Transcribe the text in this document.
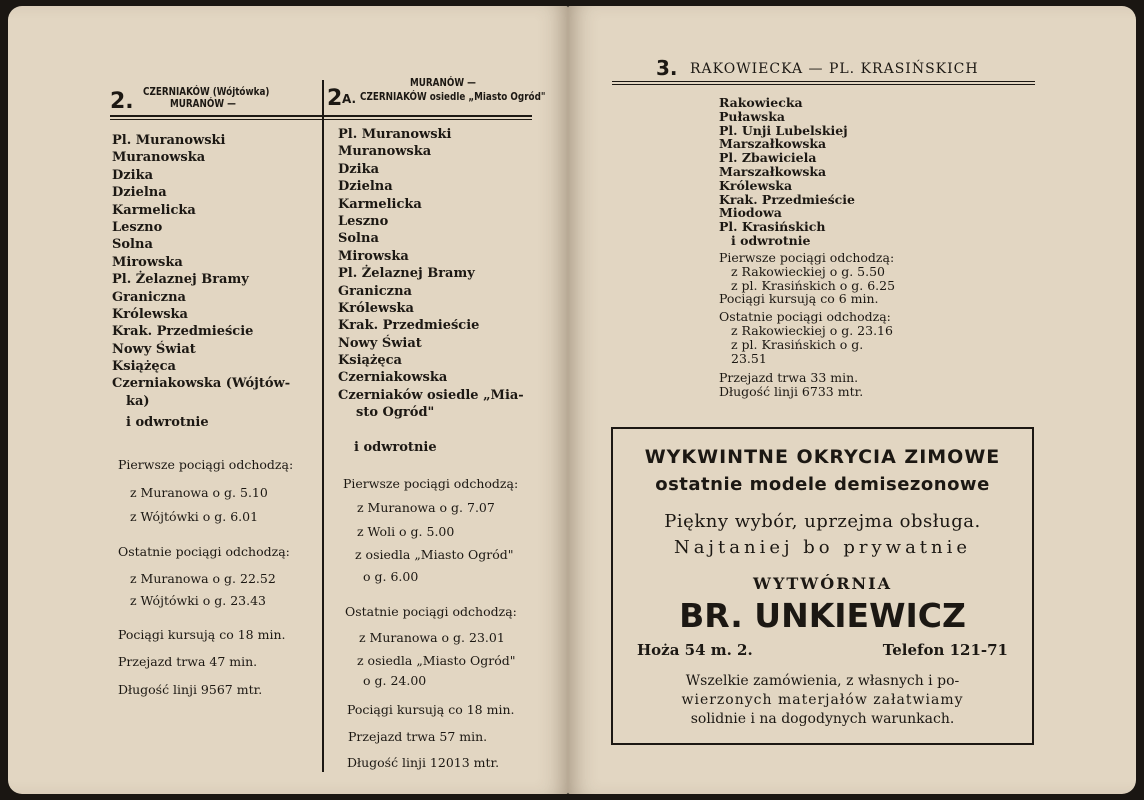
2. CZERNIAKÓW (Wójtówka)
MURANÓW —	2 A.
MURANÓW —
CZERNIAKÓW osiedle „Miasto Ogród"
Pl. Muranowski
Muranowska
Dzika
Dzielna
Karmelicka
Leszno
Solna
Mirowska
Pl. Żelaznej Bramy
Graniczna
Królewska
Krak. Przedmieście
Nowy Świat
Książęca
Czerniakowska (Wójtów-
ka)
i odwrotnie
Pierwsze pociągi odchodzą:
z Muranowa o g. 5.10
z Wójtówki o g. 6.01
Ostatnie pociągi odchodzą:
z Muranowa o g. 22.52
z Wójtówki o g. 23.43
Pociągi kursują co 18 min.
Przejazd trwa 47 min.
Długość linji 9567 mtr.
Pl. Muranowski
Muranowska
Dzika
Dzielna
Karmelicka
Leszno
Solna
Mirowska
Pl. Żelaznej Bramy
Graniczna
Królewska
Krak. Przedmieście
Nowy Świat
Książęca
Czerniakowska
Czerniaków osiedle „Mia-
sto Ogród"
i odwrotnie
Pierwsze pociągi odchodzą:
z Muranowa o g. 7.07
z Woli o g. 5.00
z osiedla „Miasto Ogród"
o g. 6.00
Ostatnie pociągi odchodzą:
z Muranowa o g. 23.01
z osiedla „Miasto Ogród"
o g. 24.00
Pociągi kursują co 18 min.
Przejazd trwa 57 min.
Długość linji 12013 mtr.
3. RAKOWIECKA — PL. KRASIŃSKICH
Rakowiecka
Puławska
Pl. Unji Lubelskiej
Marszałkowska
Pl. Zbawiciela
Marszałkowska
Królewska
Krak. Przedmieście
Miodowa
Pl. Krasińskich
i odwrotnie
Pierwsze pociągi odchodzą:
z Rakowieckiej o g. 5.50
z pl. Krasińskich o g. 6.25
Pociągi kursują co 6 min.
Ostatnie pociągi odchodzą:
z Rakowieckiej o g. 23.16
z pl. Krasińskich o g.
23.51
Przejazd trwa 33 min.
Długość linji 6733 mtr.
WYKWINTNE OKRYCIA ZIMOWE
ostatnie modele demisezonowe
Piękny wybór, uprzejma obsługa.
Najtaniej bo prywatnie
WYTWÓRNIA
BR. UNKIEWICZ
Hoża 54 m. 2.	Telefon 121-71
Wszelkie zamówienia, z własnych i po-
wierzonych materjałów załatwiamy
solidnie i na dogodynych warunkach.
